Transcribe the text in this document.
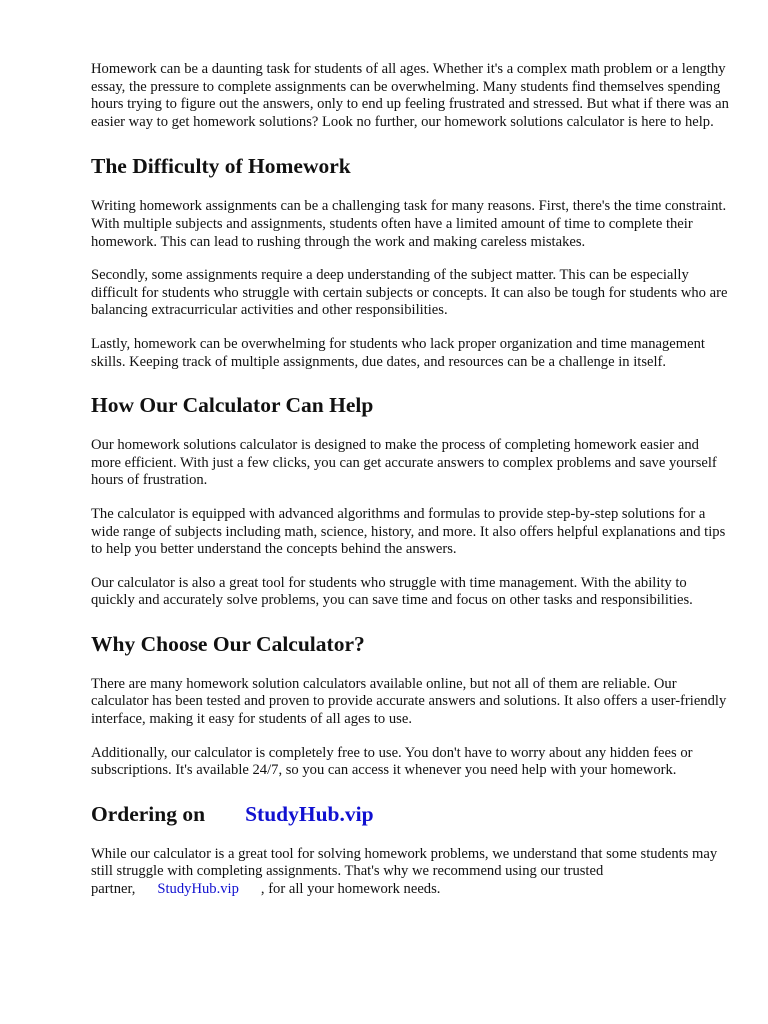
Homework can be a daunting task for students of all ages. Whether it's a complex math problem or a lengthy essay, the pressure to complete assignments can be overwhelming. Many students find themselves spending hours trying to figure out the answers, only to end up feeling frustrated and stressed. But what if there was an easier way to get homework solutions? Look no further, our homework solutions calculator is here to help.

The Difficulty of Homework

Writing homework assignments can be a challenging task for many reasons. First, there's the time constraint. With multiple subjects and assignments, students often have a limited amount of time to complete their homework. This can lead to rushing through the work and making careless mistakes.

Secondly, some assignments require a deep understanding of the subject matter. This can be especially difficult for students who struggle with certain subjects or concepts. It can also be tough for students who are balancing extracurricular activities and other responsibilities.

Lastly, homework can be overwhelming for students who lack proper organization and time management skills. Keeping track of multiple assignments, due dates, and resources can be a challenge in itself.

How Our Calculator Can Help

Our homework solutions calculator is designed to make the process of completing homework easier and more efficient. With just a few clicks, you can get accurate answers to complex problems and save yourself hours of frustration.

The calculator is equipped with advanced algorithms and formulas to provide step-by-step solutions for a wide range of subjects including math, science, history, and more. It also offers helpful explanations and tips to help you better understand the concepts behind the answers.

Our calculator is also a great tool for students who struggle with time management. With the ability to quickly and accurately solve problems, you can save time and focus on other tasks and responsibilities.

Why Choose Our Calculator?

There are many homework solution calculators available online, but not all of them are reliable. Our calculator has been tested and proven to provide accurate answers and solutions. It also offers a user-friendly interface, making it easy for students of all ages to use.

Additionally, our calculator is completely free to use. You don't have to worry about any hidden fees or subscriptions. It's available 24/7, so you can access it whenever you need help with your homework.

Ordering on StudyHub.vip

While our calculator is a great tool for solving homework problems, we understand that some students may still struggle with completing assignments. That's why we recommend using our trusted partner, StudyHub.vip , for all your homework needs.
